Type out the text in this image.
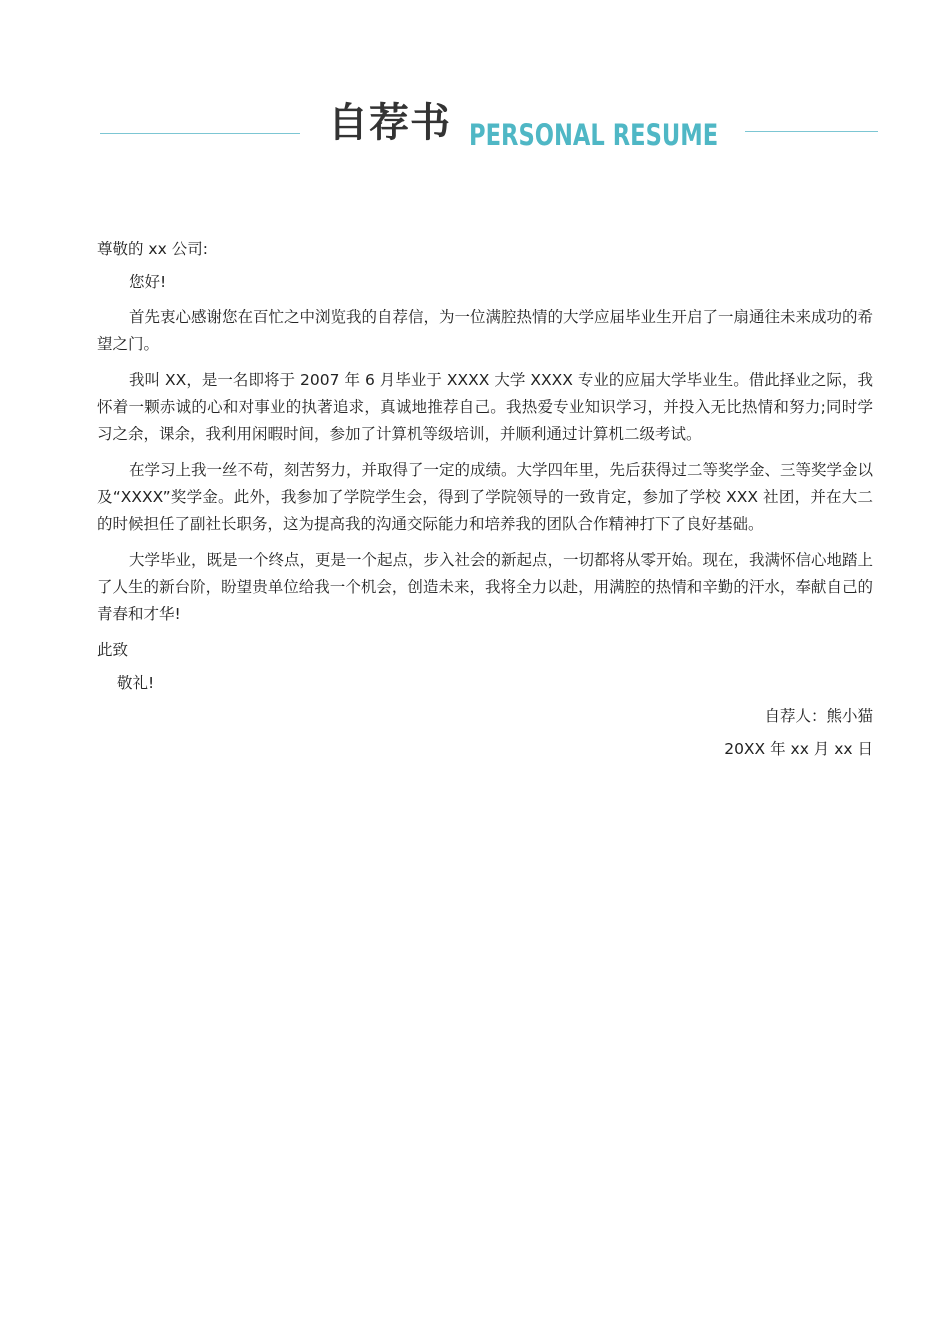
自荐书 PERSONAL RESUME

尊敬的 xx 公司:

您好!

首先衷心感谢您在百忙之中浏览我的自荐信，为一位满腔热情的大学应届毕业生开启了一扇通往未来成功的希望之门。

我叫 XX，是一名即将于 2007 年 6 月毕业于 XXXX 大学 XXXX 专业的应届大学毕业生。借此择业之际，我怀着一颗赤诚的心和对事业的执著追求，真诚地推荐自己。我热爱专业知识学习，并投入无比热情和努力;同时学习之余，课余，我利用闲暇时间，参加了计算机等级培训，并顺利通过计算机二级考试。

在学习上我一丝不苟，刻苦努力，并取得了一定的成绩。大学四年里，先后获得过二等奖学金、三等奖学金以及“XXXX”奖学金。此外，我参加了学院学生会，得到了学院领导的一致肯定，参加了学校 XXX 社团，并在大二的时候担任了副社长职务，这为提高我的沟通交际能力和培养我的团队合作精神打下了良好基础。

大学毕业，既是一个终点，更是一个起点，步入社会的新起点，一切都将从零开始。现在，我满怀信心地踏上了人生的新台阶，盼望贵单位给我一个机会，创造未来，我将全力以赴，用满腔的热情和辛勤的汗水，奉献自己的青春和才华!

此致

敬礼!

自荐人：熊小猫

20XX 年 xx 月 xx 日
